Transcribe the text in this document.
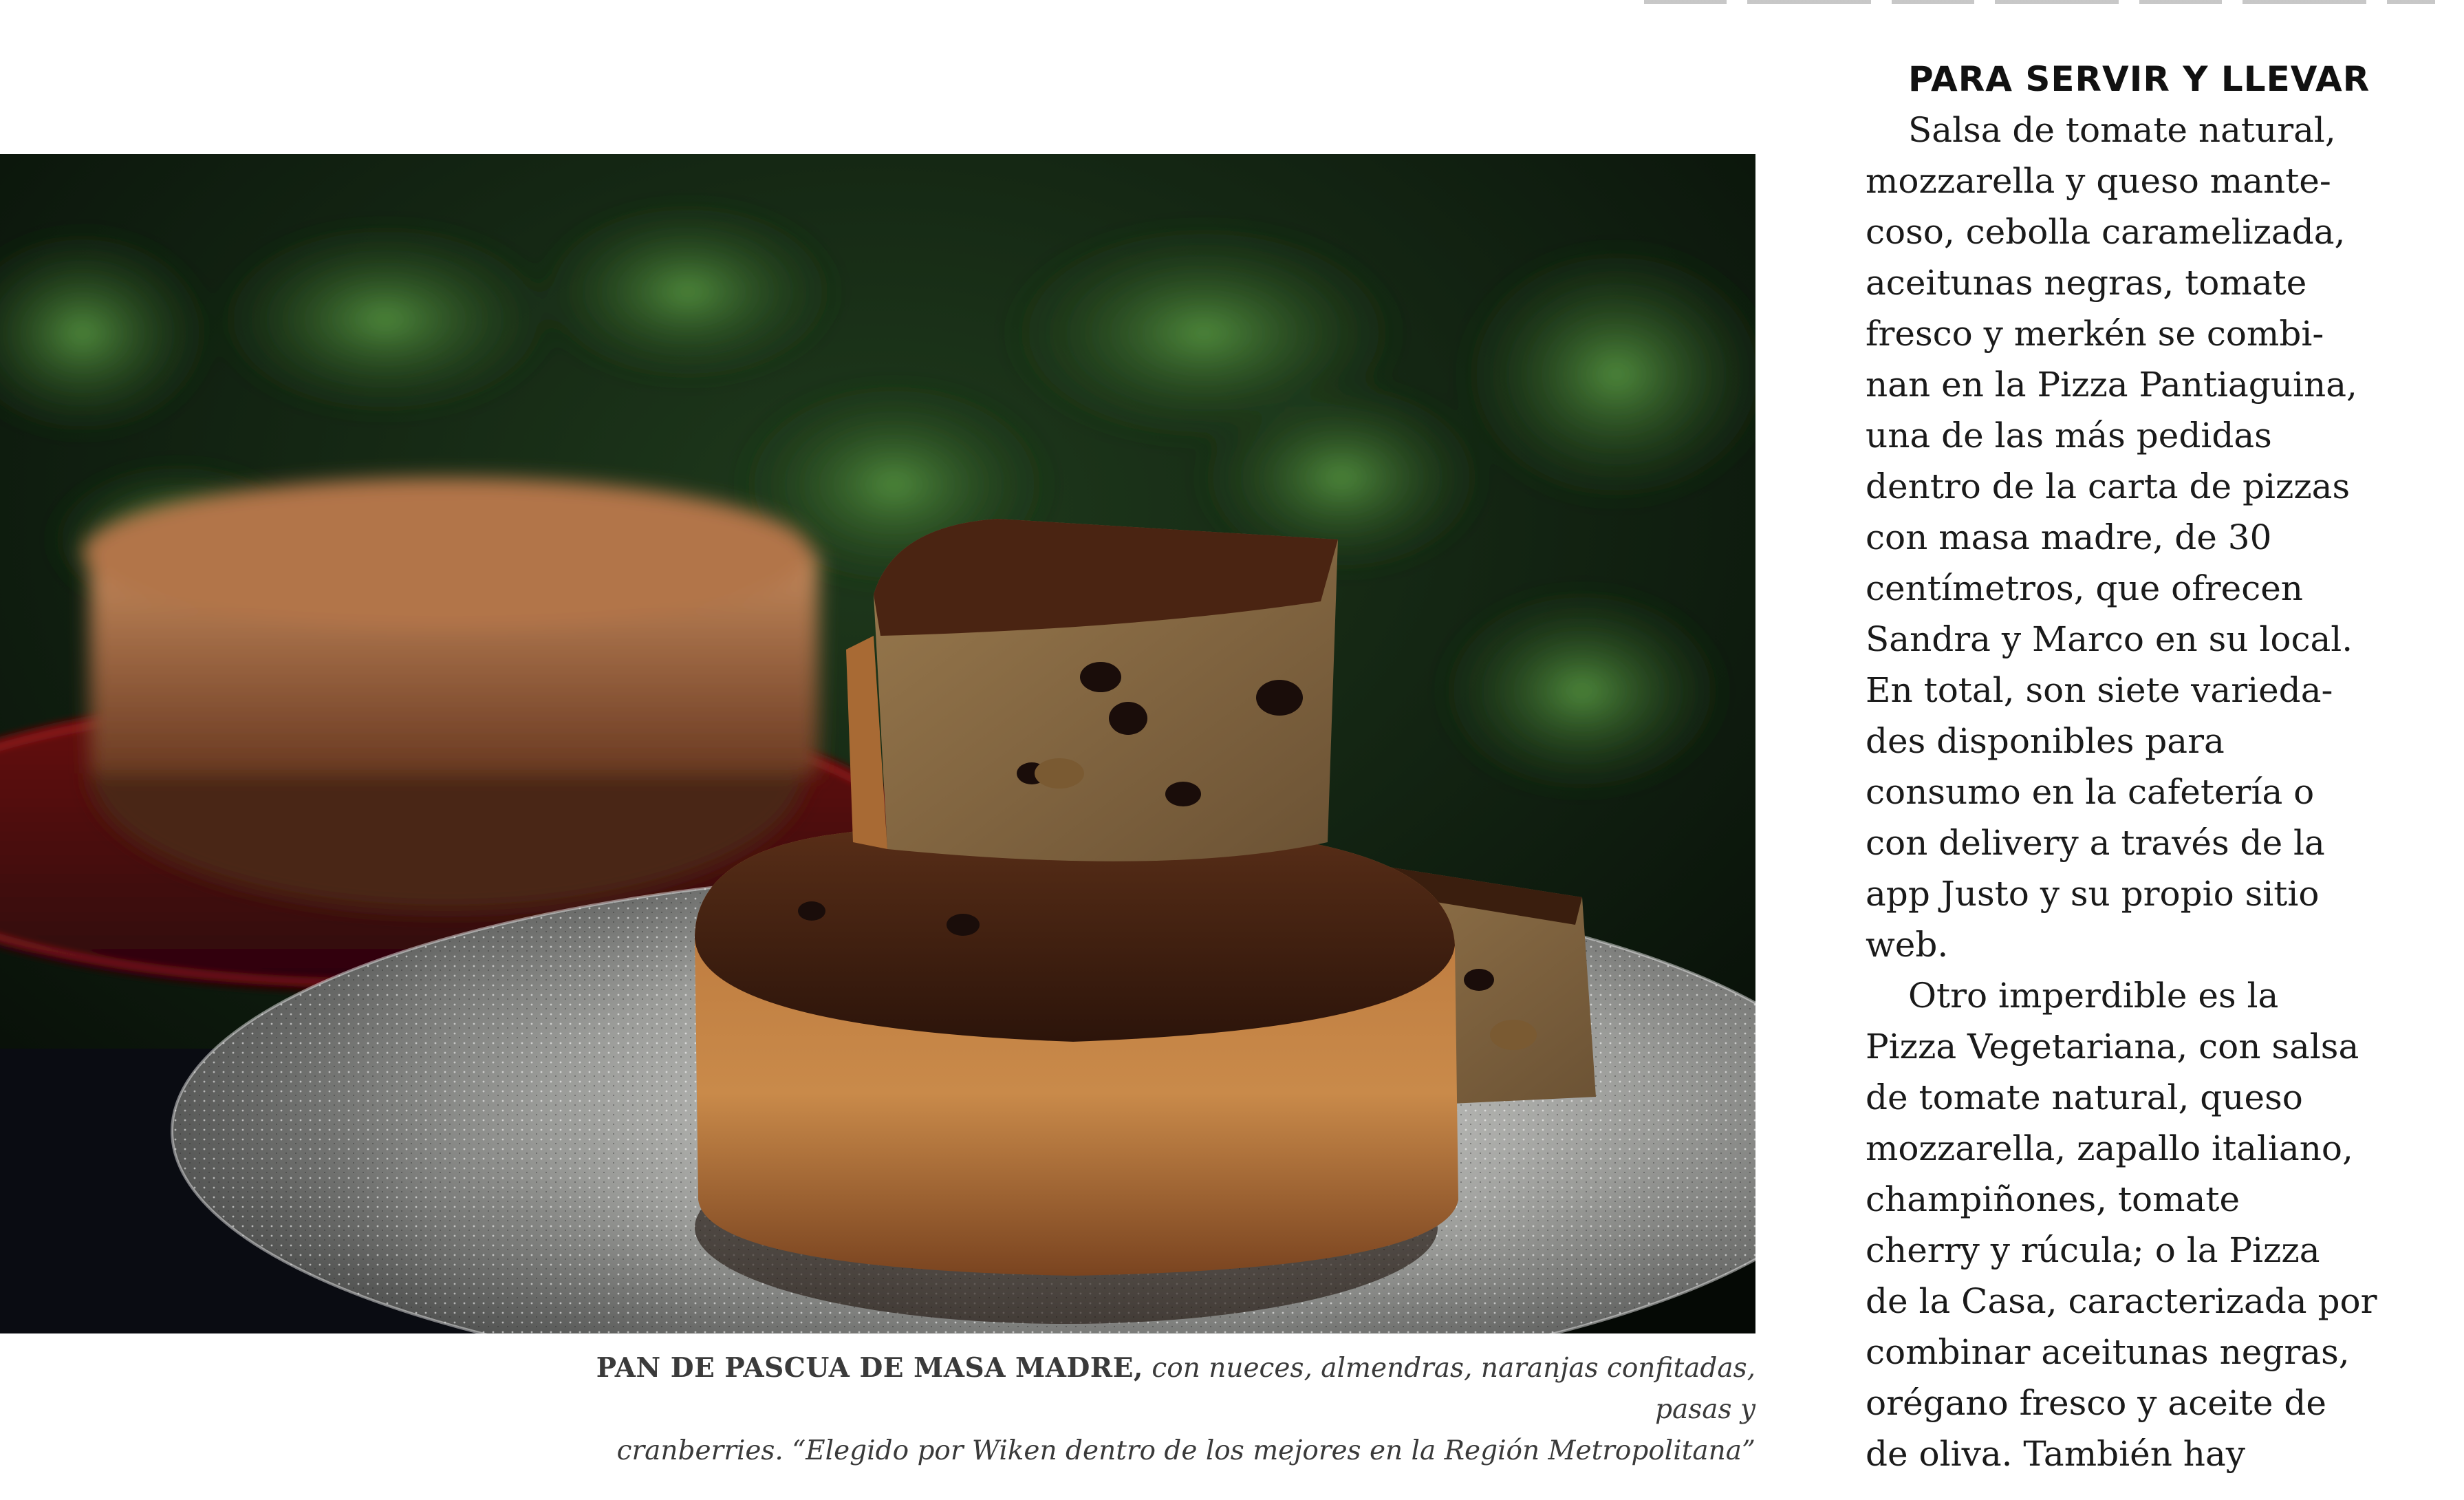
PAN DE PASCUA DE MASA MADRE, con nueces, almendras, naranjas confitadas, pasas y
cranberries. “Elegido por Wiken dentro de los mejores en la Región Metropolitana”
PARA SERVIR Y LLEVAR
Salsa de tomate natural,
mozzarella y queso mante-
coso, cebolla caramelizada,
aceitunas negras, tomate
fresco y merkén se combi-
nan en la Pizza Pantiaguina,
una de las más pedidas
dentro de la carta de pizzas
con masa madre, de 30
centímetros, que ofrecen
Sandra y Marco en su local.
En total, son siete varieda-
des disponibles para
consumo en la cafetería o
con delivery a través de la
app Justo y su propio sitio
web.
Otro imperdible es la
Pizza Vegetariana, con salsa
de tomate natural, queso
mozzarella, zapallo italiano,
champiñones, tomate
cherry y rúcula; o la Pizza
de la Casa, caracterizada por
combinar aceitunas negras,
orégano fresco y aceite de
de oliva. También hay
